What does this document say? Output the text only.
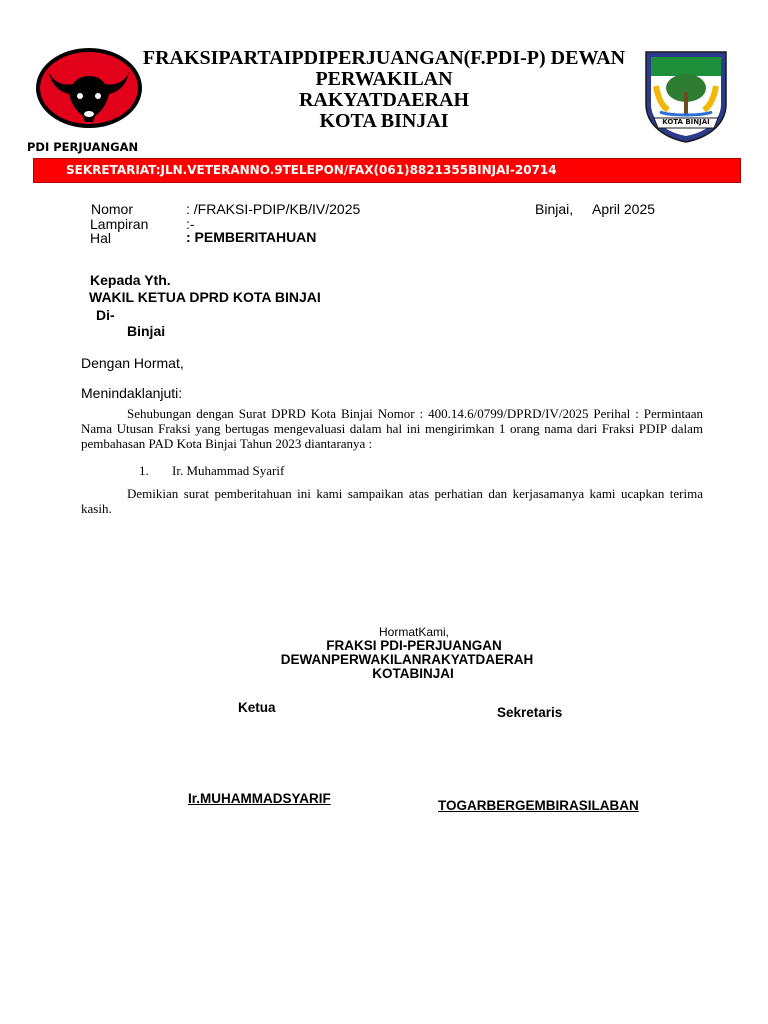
FRAKSIPARTAIPDIPERJUANGAN(F.PDI-P) DEWAN
PERWAKILAN
RAKYATDAERAH
KOTA BINJAI
PDI PERJUANGAN
KOTA BINJAI
SEKRETARIAT:JLN.VETERANNO.9TELEPON/FAX(061)8821355BINJAI-20714
Nomor	: /FRAKSI-PDIP/KB/IV/2025
Lampiran	:-
Hal	: PEMBERITAHUAN
Binjai, April 2025
Kepada Yth.
WAKIL KETUA DPRD KOTA BINJAI
Di-
Binjai
Dengan Hormat,
Menindaklanjuti:
Sehubungan dengan Surat DPRD Kota Binjai Nomor : 400.14.6/0799/DPRD/IV/2025 Perihal : Permintaan Nama Utusan Fraksi yang bertugas mengevaluasi dalam hal ini mengirimkan 1 orang nama dari Fraksi PDIP dalam pembahasan PAD Kota Binjai Tahun 2023 diantaranya :
1. Ir. Muhammad Syarif
Demikian surat pemberitahuan ini kami sampaikan atas perhatian dan kerjasamanya kami ucapkan terima kasih.
HormatKami,
FRAKSI PDI-PERJUANGAN
DEWANPERWAKILANRAKYATDAERAH
KOTABINJAI
Ketua	Sekretaris
Ir.MUHAMMADSYARIF	TOGARBERGEMBIRASILABAN
